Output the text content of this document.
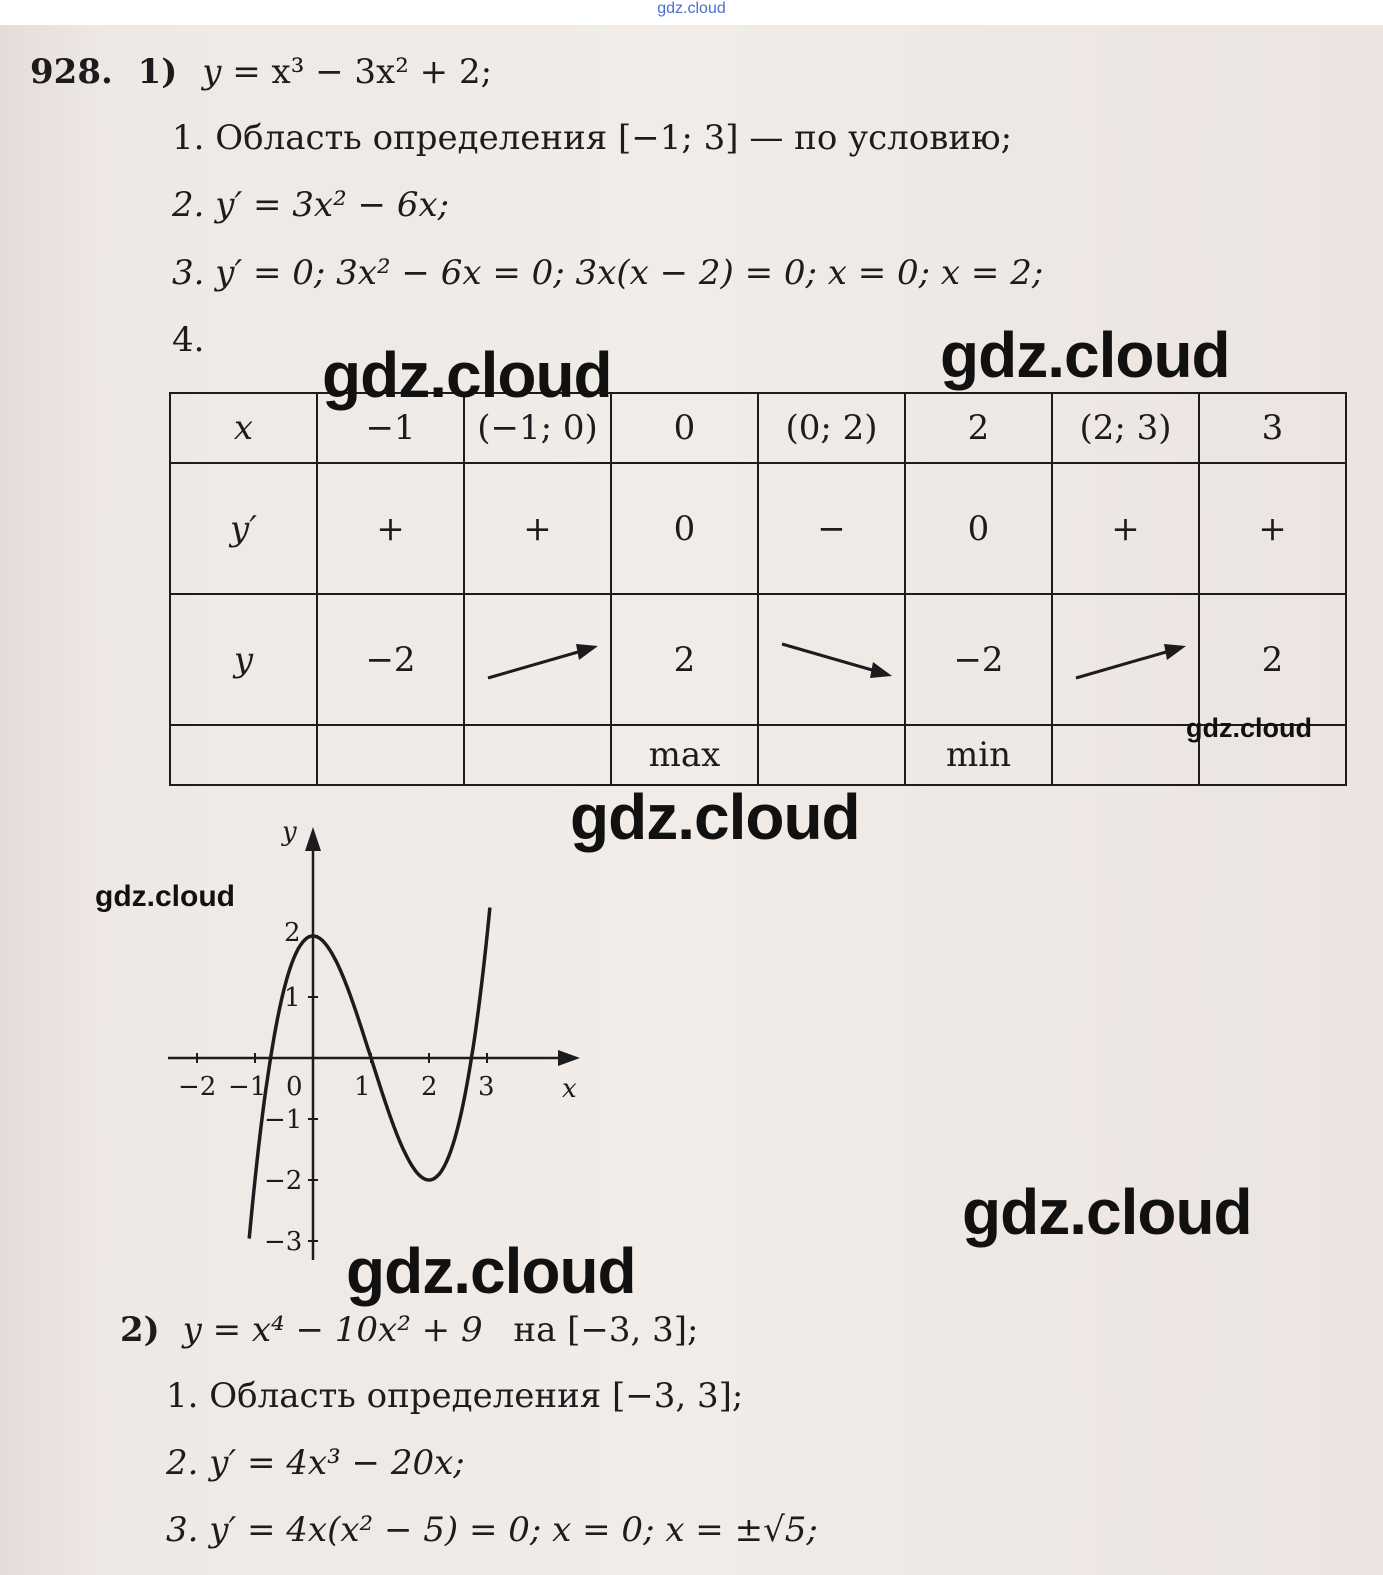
gdz.cloud
928. 1) y = x³ − 3x² + 2;
1. Область определения [−1; 3] — по условию;
2. y′ = 3x² − 6x;
3. y′ = 0; 3x² − 6x = 0; 3x(x − 2) = 0; x = 0; x = 2;
4.
x	−1	(−1; 0)	0	(0; 2)	2	(2; 3)	3
y′	+	+	0	−	0	+	+
y	−2		2		−2		2
			max		min		
y
x
−2 −1 0 1 2 3
2
1
−1
−2
−3
2) y = x⁴ − 10x² + 9 на [−3, 3];
1. Область определения [−3, 3];
2. y′ = 4x³ − 20x;
3. y′ = 4x(x² − 5) = 0; x = 0; x = ±√5;
gdz.cloud	gdz.cloud
gdz.cloud
gdz.cloud
gdz.cloud
gdz.cloud
gdz.cloud
